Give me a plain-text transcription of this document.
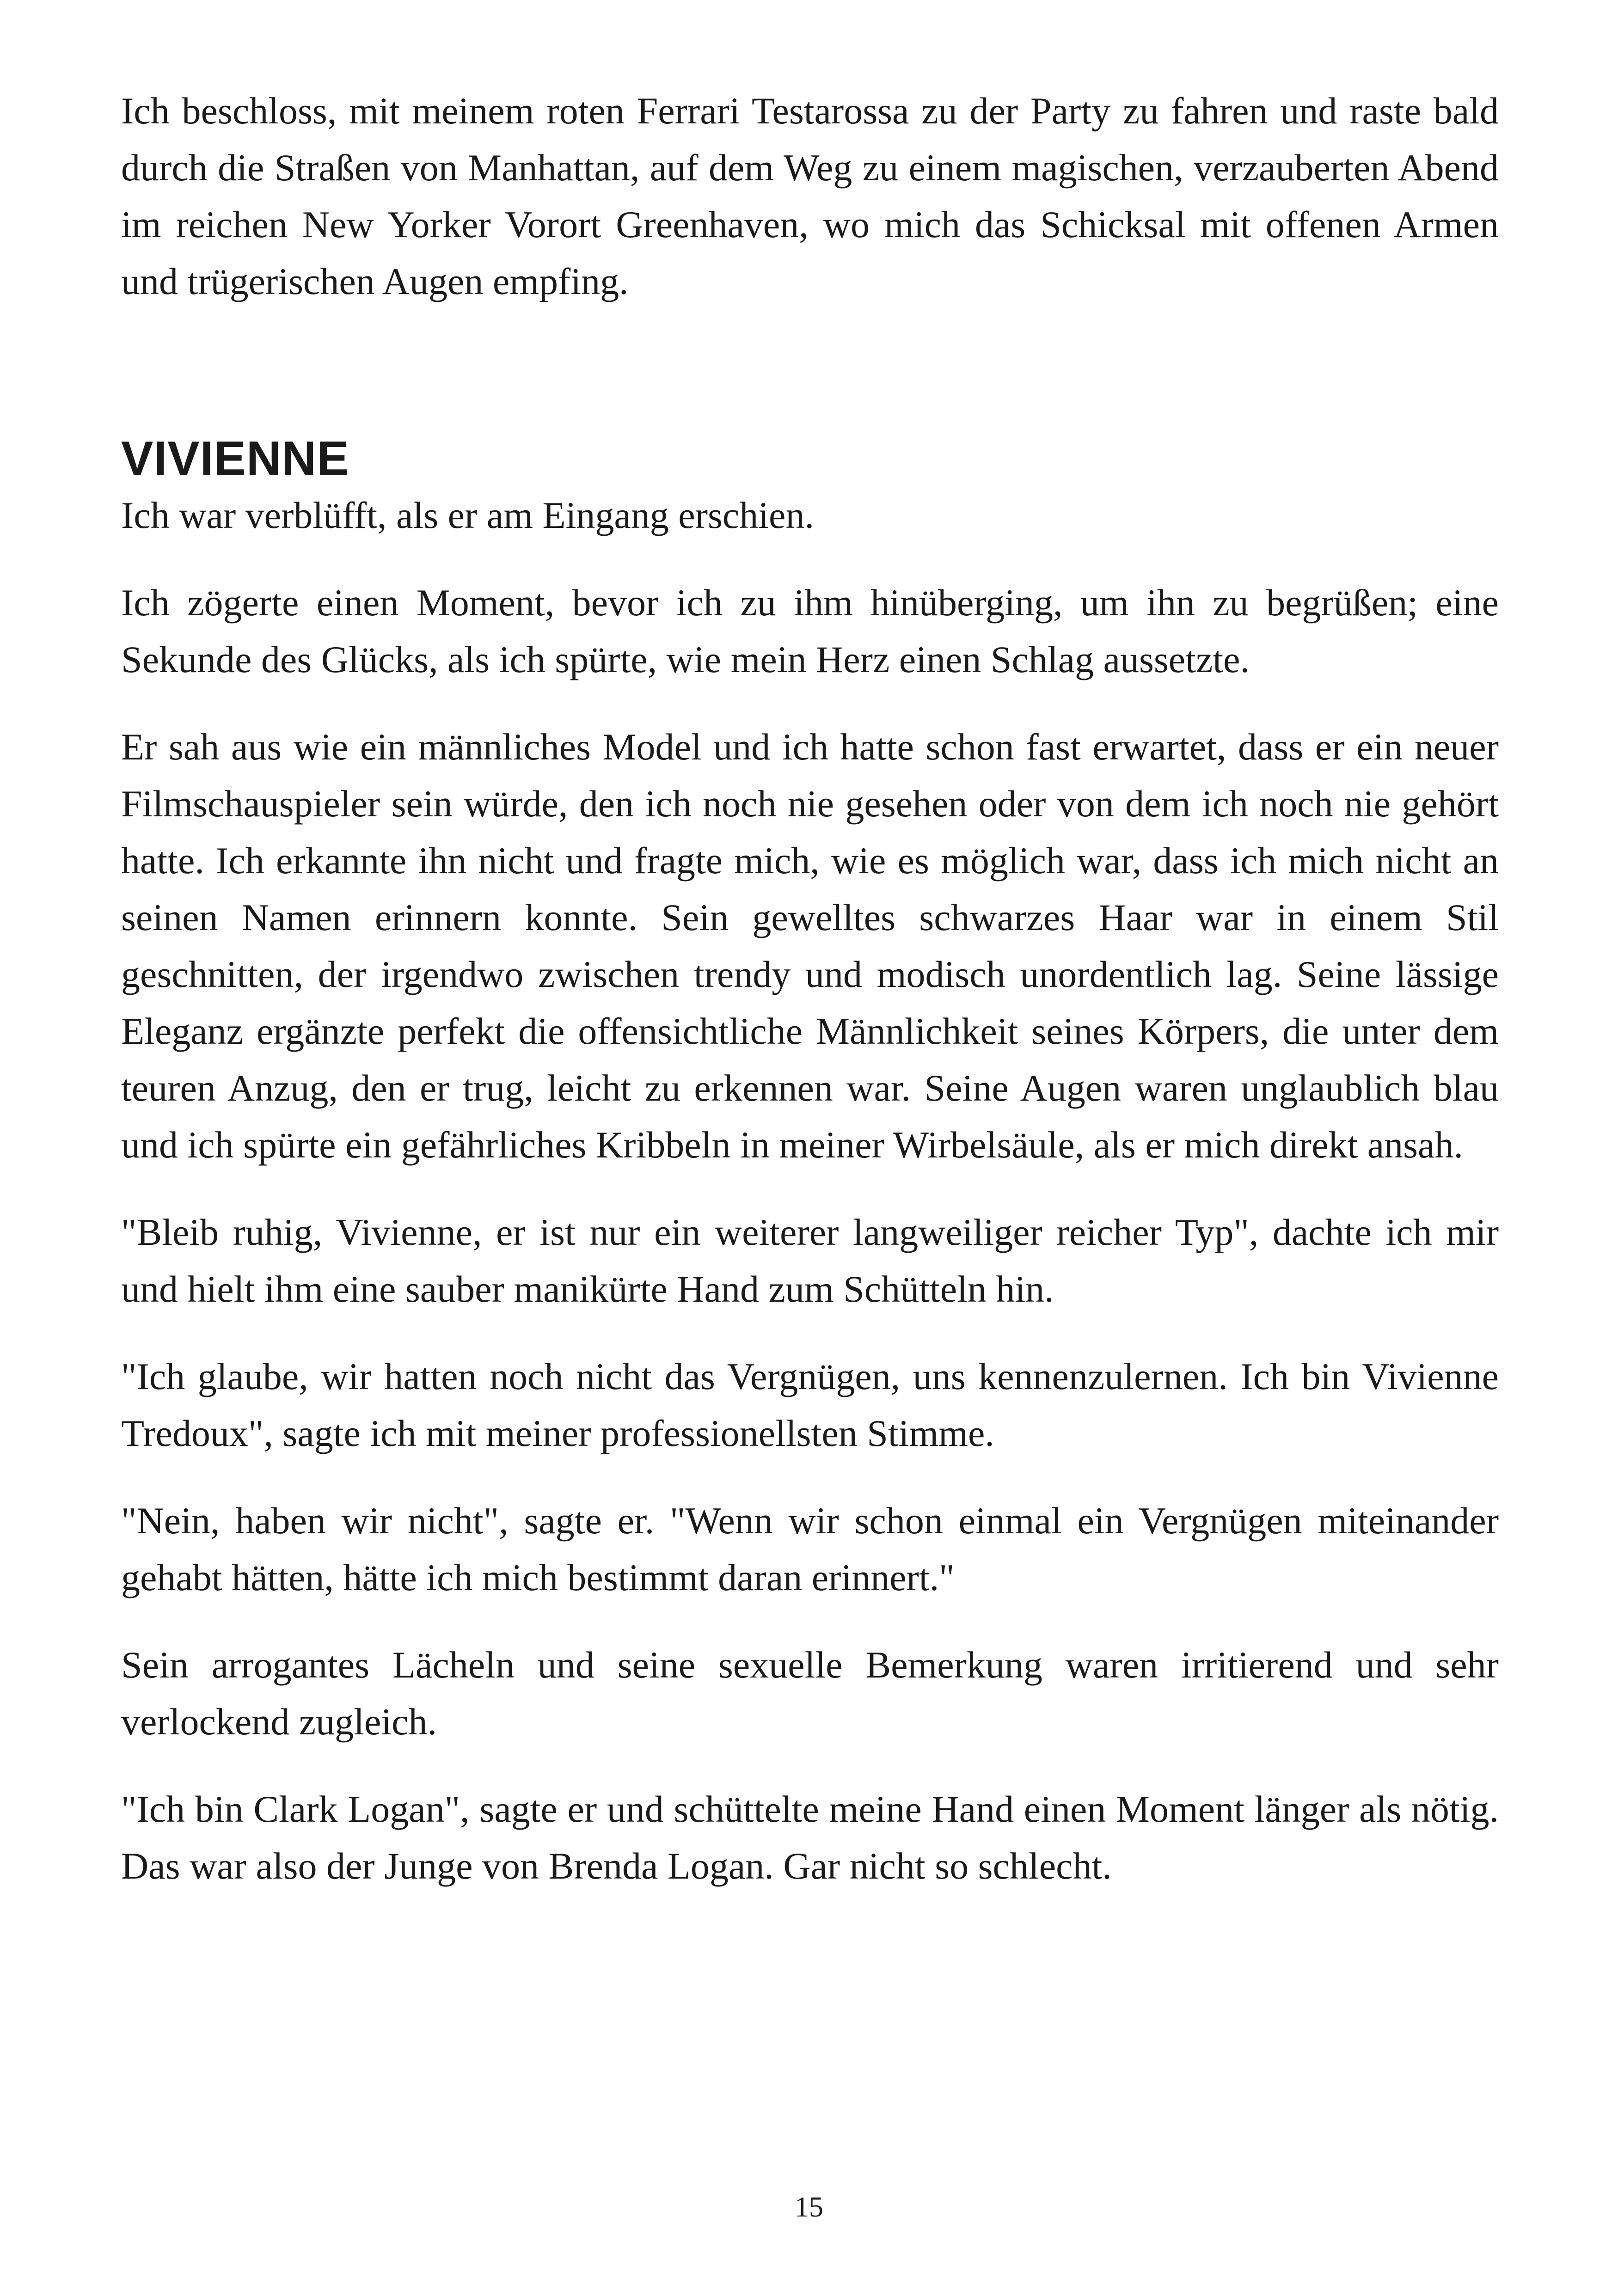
Ich beschloss, mit meinem roten Ferrari Testarossa zu der Party zu fahren und raste bald durch die Straßen von Manhattan, auf dem Weg zu einem magischen, verzauberten Abend im reichen New Yorker Vorort Greenhaven, wo mich das Schicksal mit offenen Armen und trügerischen Augen empfing.

VIVIENNE

Ich war verblüfft, als er am Eingang erschien.

Ich zögerte einen Moment, bevor ich zu ihm hinüberging, um ihn zu begrüßen; eine Sekunde des Glücks, als ich spürte, wie mein Herz einen Schlag aussetzte.

Er sah aus wie ein männliches Model und ich hatte schon fast erwartet, dass er ein neuer Filmschauspieler sein würde, den ich noch nie gesehen oder von dem ich noch nie gehört hatte. Ich erkannte ihn nicht und fragte mich, wie es möglich war, dass ich mich nicht an seinen Namen erinnern konnte. Sein gewelltes schwarzes Haar war in einem Stil geschnitten, der irgendwo zwischen trendy und modisch unordentlich lag. Seine lässige Eleganz ergänzte perfekt die offensichtliche Männlichkeit seines Körpers, die unter dem teuren Anzug, den er trug, leicht zu erkennen war. Seine Augen waren unglaublich blau und ich spürte ein gefährliches Kribbeln in meiner Wirbelsäule, als er mich direkt ansah.

"Bleib ruhig, Vivienne, er ist nur ein weiterer langweiliger reicher Typ", dachte ich mir und hielt ihm eine sauber manikürte Hand zum Schütteln hin.

"Ich glaube, wir hatten noch nicht das Vergnügen, uns kennenzulernen. Ich bin Vivienne Tredoux", sagte ich mit meiner professionellsten Stimme.

"Nein, haben wir nicht", sagte er. "Wenn wir schon einmal ein Vergnügen miteinander gehabt hätten, hätte ich mich bestimmt daran erinnert."

Sein arrogantes Lächeln und seine sexuelle Bemerkung waren irritierend und sehr verlockend zugleich.

"Ich bin Clark Logan", sagte er und schüttelte meine Hand einen Moment länger als nötig. Das war also der Junge von Brenda Logan. Gar nicht so schlecht.

15
